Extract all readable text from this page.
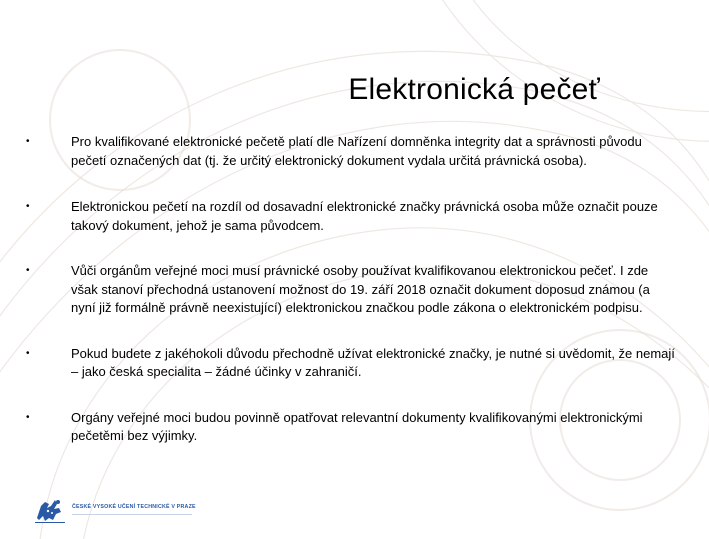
Elektronická pečeť
•	Pro kvalifikované elektronické pečetě platí dle Nařízení domněnka integrity dat a správnosti původu pečetí označených dat (tj. že určitý elektronický dokument vydala určitá právnická osoba).
•	Elektronickou pečetí na rozdíl od dosavadní elektronické značky právnická osoba může označit pouze takový dokument, jehož je sama původcem.
•	Vůči orgánům veřejné moci musí právnické osoby používat kvalifikovanou elektronickou pečeť. I zde však stanoví přechodná ustanovení možnost do 19. září 2018 označit dokument doposud známou (a nyní již formálně právně neexistující) elektronickou značkou podle zákona o elektronickém podpisu.
•	Pokud budete z jakéhokoli důvodu přechodně užívat elektronické značky, je nutné si uvědomit, že nemají – jako česká specialita – žádné účinky v zahraničí.
•	Orgány veřejné moci budou povinně opatřovat relevantní dokumenty kvalifikovanými elektronickými pečetěmi bez výjimky.
ČESKÉ VYSOKÉ UČENÍ TECHNICKÉ V PRAZE
